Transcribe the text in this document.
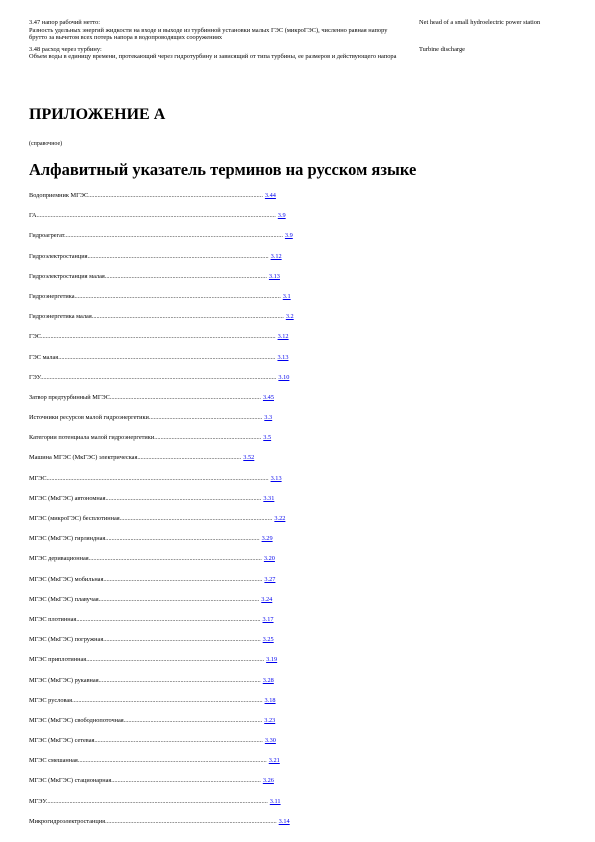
3.47 напор рабочий нетто:
Разность удельных энергий жидкости на входе и выходе из турбинной установки малых ГЭС (микроГЭС), численно равная напору брутто за вычетом всех потерь напора в водопроводящих сооружениях
Net head of a small hydroelectric power station
3.48 расход через турбину:
Объем воды в единицу времени, протекающий через гидротурбину и зависящий от типа турбины, ее размеров и действующего напора
Turbine discharge
ПРИЛОЖЕНИЕ А
(справочное)
Алфавитный указатель терминов на русском языке
Водоприемник МГЭС............................................................................................................... 3.44
ГА........................................................................................................................................................ 3.9
Гидроагрегат........................................................................................................................................... 3.9
Гидроэлектростанция................................................................................................................... 3.12
Гидроэлектростанция малая....................................................................................................... 3.13
Гидроэнергетика................................................................................................................................... 3.1
Гидроэнергетика малая.......................................................................................................................... 3.2
ГЭС..................................................................................................................................................... 3.12
ГЭС малая.......................................................................................................................................... 3.13
ГЭУ...................................................................................................................................................... 3.10
Затвор предтурбинный МГЭС................................................................................................ 3.45
Источники ресурсов малой гидроэнергетики........................................................................ 3.3
Категории потенциала малой гидроэнергетики.................................................................... 3.5
Машина МГЭС (МкГЭС) электрическая.................................................................. 3.52
МГЭС............................................................................................................................................. 3.13
МГЭС (МкГЭС) автономная................................................................................................... 3.31
МГЭС (микроГЭС) бесплотинная................................................................................................. 3.22
МГЭС (МкГЭС) гирляндная.................................................................................................. 3.29
МГЭС деривационная.............................................................................................................. 3.20
МГЭС (МкГЭС) мобильная..................................................................................................... 3.27
МГЭС (МкГЭС) плавучая...................................................................................................... 3.24
МГЭС плотинная..................................................................................................................... 3.17
МГЭС (МкГЭС) погружная.................................................................................................... 3.25
МГЭС приплотинная................................................................................................................. 3.19
МГЭС (МкГЭС) рукавная....................................................................................................... 3.28
МГЭС русловая......................................................................................................................... 3.18
МГЭС (МкГЭС) свободнопоточная........................................................................................ 3.23
МГЭС (МкГЭС) сетевая........................................................................................................... 3.30
МГЭС смешанная........................................................................................................................ 3.21
МГЭС (МкГЭС) стационарная............................................................................................... 3.26
МГЭУ............................................................................................................................................. 3.11
Микрогидроэлектростанция............................................................................................................. 3.14
